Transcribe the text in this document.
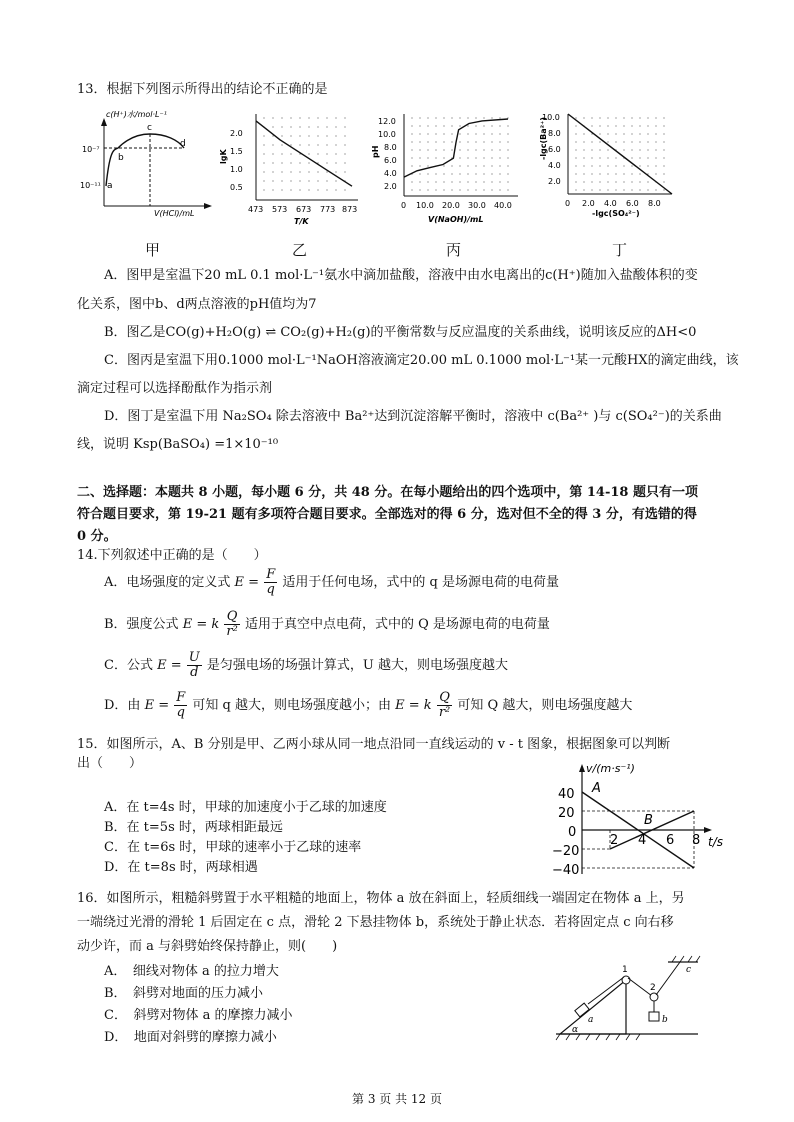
13．根据下列图示所得出的结论不正确的是
10⁻⁷
10⁻¹¹ a
b
c
d
c(H⁺)水/mol·L⁻¹
V(HCl)/mL
2.0
1.5
1.0
0.5
lgK
473 573 673 773 873
T/K
12.0
10.0
8.0
6.0
4.0
2.0
pH
0 10.0 20.0 30.0 40.0
V(NaOH)/mL
10.0
8.0
6.0
4.0
2.0
-lgc(Ba²⁺)
0 2.0 4.0 6.0 8.0
-lgc(SO₄²⁻)
甲	乙	丙	丁
A．图甲是室温下20 mL 0.1 mol·L⁻¹氨水中滴加盐酸，溶液中由水电离出的c(H⁺)随加入盐酸体积的变
化关系，图中b、d两点溶液的pH值均为7
B．图乙是CO(g)+H₂O(g) ⇌ CO₂(g)+H₂(g)的平衡常数与反应温度的关系曲线，说明该反应的ΔH<0
C．图丙是室温下用0.1000 mol·L⁻¹NaOH溶液滴定20.00 mL 0.1000 mol·L⁻¹某一元酸HX的滴定曲线，该
滴定过程可以选择酚酞作为指示剂
D．图丁是室温下用 Na₂SO₄ 除去溶液中 Ba²⁺达到沉淀溶解平衡时，溶液中 c(Ba²⁺ )与 c(SO₄²⁻)的关系曲
线，说明 Ksp(BaSO₄) =1×10⁻¹⁰
二、选择题：本题共 8 小题，每小题 6 分，共 48 分。在每小题给出的四个选项中，第 14-18 题只有一项
符合题目要求，第 19-21 题有多项符合题目要求。全部选对的得 6 分，选对但不全的得 3 分，有选错的得
0 分。
14.下列叙述中正确的是（　　）
A．电场强度的定义式 $E = \frac{F}{q}$ 适用于任何电场，式中的 q 是场源电荷的电荷量
B．强度公式 E = k $\frac{Q}{\text{r²}}$ 适用于真空中点电荷，式中的 Q 是场源电荷的电荷量
C．公式 $E = \frac{U}{d}$ 是匀强电场的场强计算式，U 越大，则电场强度越大
D．由 $E = \frac{F}{q}$ 可知 q 越大，则电场强度越小；由 E = k $\frac{Q}{\text{r²}}$ 可知 Q 越大，则电场强度越大
15．如图所示，A、B 分别是甲、乙两小球从同一地点沿同一直线运动的 v - t 图象，根据图象可以判断
出（　　）
A．在 t=4s 时，甲球的加速度小于乙球的加速度
B．在 t=5s 时，两球相距最远
C．在 t=6s 时，甲球的速率小于乙球的速率
D．在 t=8s 时，两球相遇
v/(m·s⁻¹)
t/s
A
B
40
20
0
−20
−40
2 4 6 8
16．如图所示，粗糙斜劈置于水平粗糙的地面上，物体 a 放在斜面上，轻质细线一端固定在物体 a 上，另
一端绕过光滑的滑轮 1 后固定在 c 点，滑轮 2 下悬挂物体 b，系统处于静止状态．若将固定点 c 向右移
动少许，而 a 与斜劈始终保持静止，则(　　)
A．　细线对物体 a 的拉力增大
B．　斜劈对地面的压力减小
C．　斜劈对物体 a 的摩擦力减小
D．　地面对斜劈的摩擦力减小
1
2
c
a	b
α
第 3 页 共 12 页
